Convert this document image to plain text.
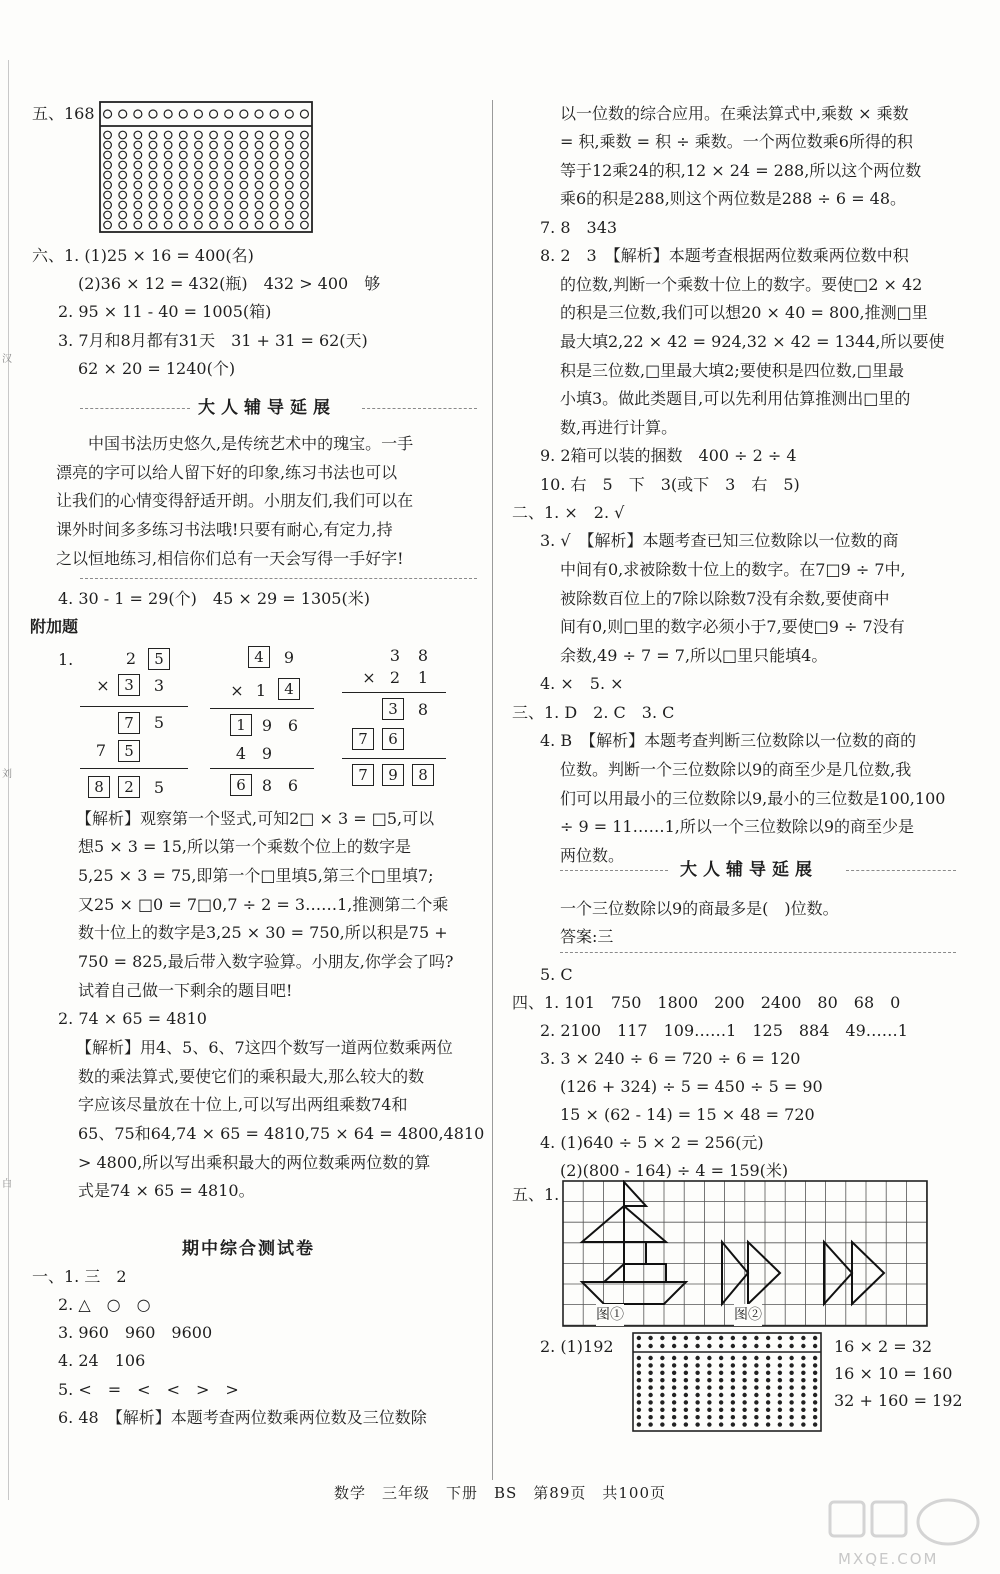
五、168
六、1. (1)25 × 16 = 400(名)
(2)36 × 12 = 432(瓶)　432 > 400　够
2. 95 × 11 - 40 = 1005(箱)
3. 7月和8月都有31天　31 + 31 = 62(天)
62 × 20 = 1240(个)
　　中国书法历史悠久,是传统艺术中的瑰宝。一手
漂亮的字可以给人留下好的印象,练习书法也可以
让我们的心情变得舒适开朗。小朋友们,我们可以在
课外时间多多练习书法哦!只要有耐心,有定力,持
之以恒地练习,相信你们总有一天会写得一手好字!
4. 30 - 1 = 29(个)　45 × 29 = 1305(米)
附加题
1.
【解析】观察第一个竖式,可知2□ × 3 = □5,可以
想5 × 3 = 15,所以第一个乘数个位上的数字是
5,25 × 3 = 75,即第一个□里填5,第三个□里填7;
又25 × □0 = 7□0,7 ÷ 2 = 3……1,推测第二个乘
数十位上的数字是3,25 × 30 = 750,所以积是75 +
750 = 825,最后带入数字验算。小朋友,你学会了吗?
试着自己做一下剩余的题目吧!
2. 74 × 65 = 4810
【解析】用4、5、6、7这四个数写一道两位数乘两位
数的乘法算式,要使它们的乘积最大,那么较大的数
字应该尽量放在十位上,可以写出两组乘数74和
65、75和64,74 × 65 = 4810,75 × 64 = 4800,4810
> 4800,所以写出乘积最大的两位数乘两位数的算
式是74 × 65 = 4810。
一、1. 三　2
2. △　○　○
3. 960　960　9600
4. 24　106
5. <　=　<　<　>　>
6. 48　【解析】本题考查两位数乘两位数及三位数除
大人辅导延展
2	5
× 3	3
7	5
7	5
8	2	5
4	9
× 1	4
1	9 6
4 9
6	8 6
3	8
× 2	1
3	8
7	6
7	9	8
期中综合测试卷
以一位数的综合应用。在乘法算式中,乘数 × 乘数
= 积,乘数 = 积 ÷ 乘数。一个两位数乘6所得的积
等于12乘24的积,12 × 24 = 288,所以这个两位数
乘6的积是288,则这个两位数是288 ÷ 6 = 48。
7. 8　343
8. 2　3　【解析】本题考查根据两位数乘两位数中积
的位数,判断一个乘数十位上的数字。要使□2 × 42
的积是三位数,我们可以想20 × 40 = 800,推测□里
最大填2,22 × 42 = 924,32 × 42 = 1344,所以要使
积是三位数,□里最大填2;要使积是四位数,□里最
小填3。做此类题目,可以先利用估算推测出□里的
数,再进行计算。
9. 2箱可以装的捆数　400 ÷ 2 ÷ 4
10. 右　5　下　3(或下　3　右　5)
二、1. ×　2. √
3. √　【解析】本题考查已知三位数除以一位数的商
中间有0,求被除数十位上的数字。在7□9 ÷ 7中,
被除数百位上的7除以除数7没有余数,要使商中
间有0,则□里的数字必须小于7,要使□9 ÷ 7没有
余数,49 ÷ 7 = 7,所以□里只能填4。
4. ×　5. ×
三、1. D　2. C　3. C
4. B　【解析】本题考查判断三位数除以一位数的商的
位数。判断一个三位数除以9的商至少是几位数,我
们可以用最小的三位数除以9,最小的三位数是100,100
÷ 9 = 11……1,所以一个三位数除以9的商至少是
两位数。
一个三位数除以9的商最多是(　)位数。
答案:三
5. C
四、1. 101　750　1800　200　2400　80　68　0
2. 2100　117　109……1　125　884　49……1
3. 3 × 240 ÷ 6 = 720 ÷ 6 = 120
(126 + 324) ÷ 5 = 450 ÷ 5 = 90
15 × (62 - 14) = 15 × 48 = 720
4. (1)640 ÷ 5 × 2 = 256(元)
(2)(800 - 164) ÷ 4 = 159(米)
五、1.
2. (1)192	16 × 2 = 32
16 × 10 = 160
32 + 160 = 192
大人辅导延展
图①	图②
汉
刘
白
数学　三年级　下册　BS　第89页　共100页
MXQE.COM
